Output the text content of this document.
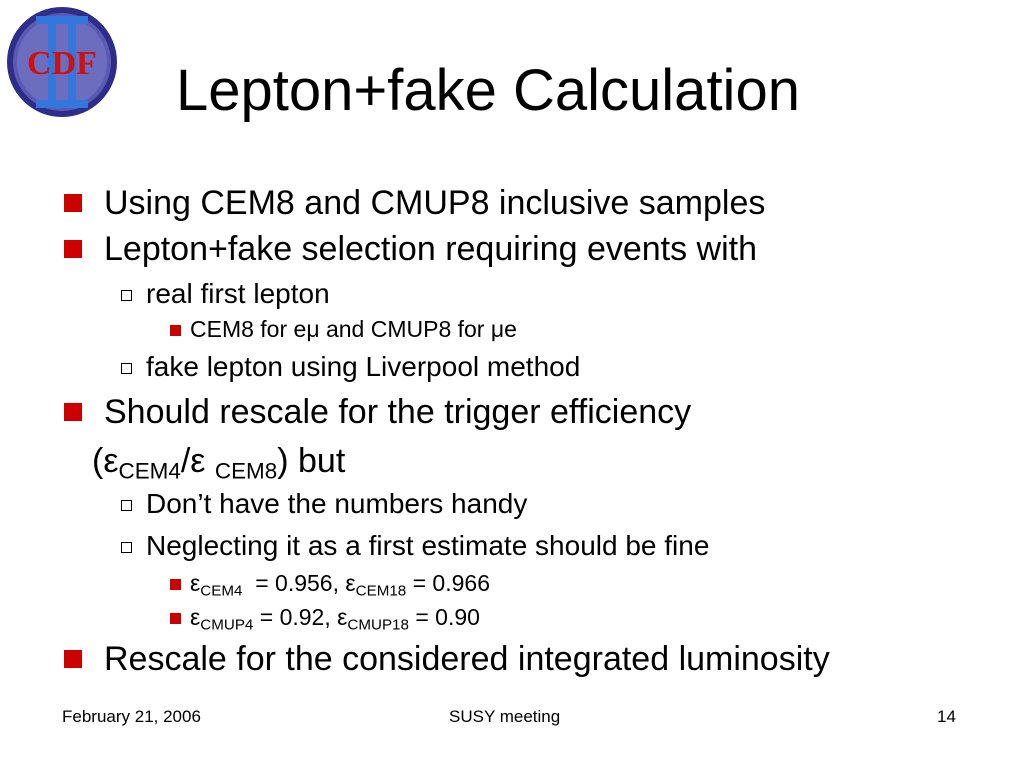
CDF Lepton+fake Calculation
Using CEM8 and CMUP8 inclusive samples
Lepton+fake selection requiring events with
real first lepton
CEM8 for eμ and CMUP8 for μe
fake lepton using Liverpool method
Should rescale for the trigger efficiency
($\varepsilon_{CEM4}/\varepsilon$ $_{CEM8}$) but
Don’t have the numbers handy
Neglecting it as a first estimate should be fine
$\varepsilon_{CEM4} = 0.956$, $\varepsilon_{CEM18} = 0.966$
$\varepsilon_{CMUP4} = 0.92$, $\varepsilon_{CMUP18} = 0.90$
Rescale for the considered integrated luminosity
February 21, 2006	SUSY meeting	14
